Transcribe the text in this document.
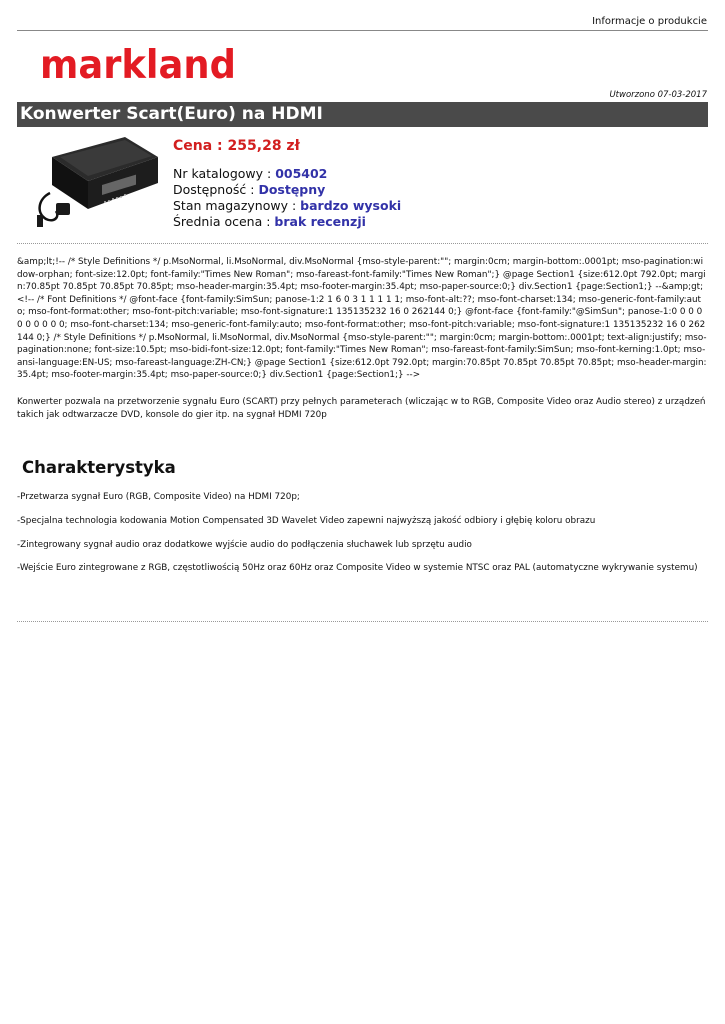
Informacje o produkcie
markland
Utworzono 07-03-2017
Konwerter Scart(Euro) na HDMI
Cena : 255,28 zł
Nr katalogowy : 005402
Dostępność : Dostępny
Stan magazynowy : bardzo wysoki
Średnia ocena : brak recenzji
&amp;lt;!-- /* Style Definitions */ p.MsoNormal, li.MsoNormal, div.MsoNormal {mso-style-parent:""; margin:0cm; margin-bottom:.0001pt; mso-pagination:widow-orphan; font-size:12.0pt; font-family:"Times New Roman"; mso-fareast-font-family:"Times New Roman";} @page Section1 {size:612.0pt 792.0pt; margin:70.85pt 70.85pt 70.85pt 70.85pt; mso-header-margin:35.4pt; mso-footer-margin:35.4pt; mso-paper-source:0;} div.Section1 {page:Section1;} --&amp;gt;<!-- /* Font Definitions */ @font-face {font-family:SimSun; panose-1:2 1 6 0 3 1 1 1 1 1; mso-font-alt:??; mso-font-charset:134; mso-generic-font-family:auto; mso-font-format:other; mso-font-pitch:variable; mso-font-signature:1 135135232 16 0 262144 0;} @font-face {font-family:"@SimSun"; panose-1:0 0 0 0 0 0 0 0 0 0; mso-font-charset:134; mso-generic-font-family:auto; mso-font-format:other; mso-font-pitch:variable; mso-font-signature:1 135135232 16 0 262144 0;} /* Style Definitions */ p.MsoNormal, li.MsoNormal, div.MsoNormal {mso-style-parent:""; margin:0cm; margin-bottom:.0001pt; text-align:justify; mso-pagination:none; font-size:10.5pt; mso-bidi-font-size:12.0pt; font-family:"Times New Roman"; mso-fareast-font-family:SimSun; mso-font-kerning:1.0pt; mso-ansi-language:EN-US; mso-fareast-language:ZH-CN;} @page Section1 {size:612.0pt 792.0pt; margin:70.85pt 70.85pt 70.85pt 70.85pt; mso-header-margin:35.4pt; mso-footer-margin:35.4pt; mso-paper-source:0;} div.Section1 {page:Section1;} -->
Konwerter pozwala na przetworzenie sygnału Euro (SCART) przy pełnych parameterach (wliczając w to RGB, Composite Video oraz Audio stereo) z urządzeń takich jak odtwarzacze DVD, konsole do gier itp. na sygnał HDMI 720p
Charakterystyka
-Przetwarza sygnał Euro (RGB, Composite Video) na HDMI 720p;
-Specjalna technologia kodowania Motion Compensated 3D Wavelet Video zapewni najwyższą jakość odbiory i głębię koloru obrazu
-Zintegrowany sygnał audio oraz dodatkowe wyjście audio do podłączenia słuchawek lub sprzętu audio
-Wejście Euro zintegrowane z RGB, częstotliwością 50Hz oraz 60Hz oraz Composite Video w systemie NTSC oraz PAL (automatyczne wykrywanie systemu)
